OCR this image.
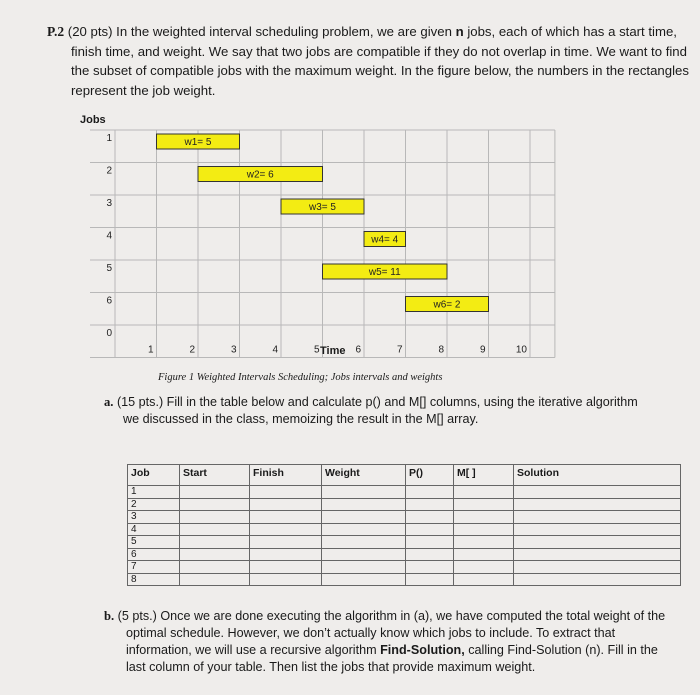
P.2 (20 pts) In the weighted interval scheduling problem, we are given n jobs, each of which has a start time, finish time, and weight. We say that two jobs are compatible if they do not overlap in time. We want to find the subset of compatible jobs with the maximum weight. In the figure below, the numbers in the rectangles represent the job weight.
Jobs
1
2
3
4
5
6
0
1	2	3	4	5	6	7	8	9	10
w1= 5
w2= 6
w3= 5
w4= 4
w5= 11
w6= 2
Time
Figure 1 Weighted Intervals Scheduling; Jobs intervals and weights
a. (15 pts.) Fill in the table below and calculate p() and M[] columns, using the iterative algorithm we discussed in the class, memoizing the result in the M[] array.
Job	Start	Finish	Weight	P()	M[ ]	Solution
1						
2						
3						
4						
5						
6						
7						
8						
b. (5 pts.) Once we are done executing the algorithm in (a), we have computed the total weight of the optimal schedule. However, we don’t actually know which jobs to include. To extract that information, we will use a recursive algorithm Find-Solution, calling Find-Solution (n). Fill in the last column of your table. Then list the jobs that provide maximum weight.
